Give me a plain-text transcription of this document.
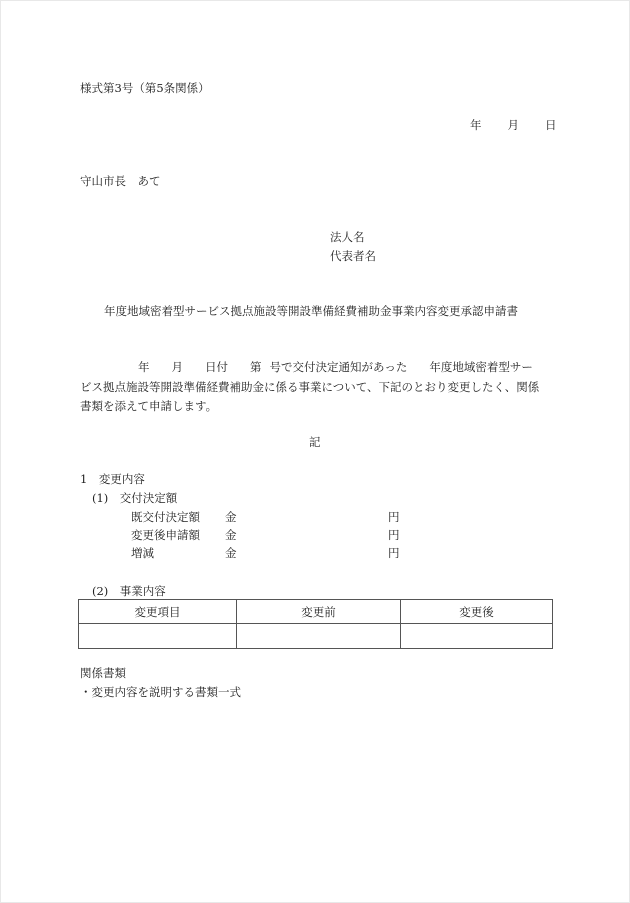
様式第3号（第5条関係）
年 月 日
守山市長　あて
法人名
代表者名
年度地域密着型サービス拠点施設等開設準備経費補助金事業内容変更承認申請書
年 月 日付 第 号で交付決定通知があった 年度地域密着型サー
ビス拠点施設等開設準備経費補助金に係る事業について、下記のとおり変更したく、関係
書類を添えて申請します。
記
1　変更内容
(1)　交付決定額
既交付決定額 金	円
変更後申請額 金	円
増減	金	円
(2)　事業内容
変更項目	変更前	変更後

関係書類
・変更内容を説明する書類一式
